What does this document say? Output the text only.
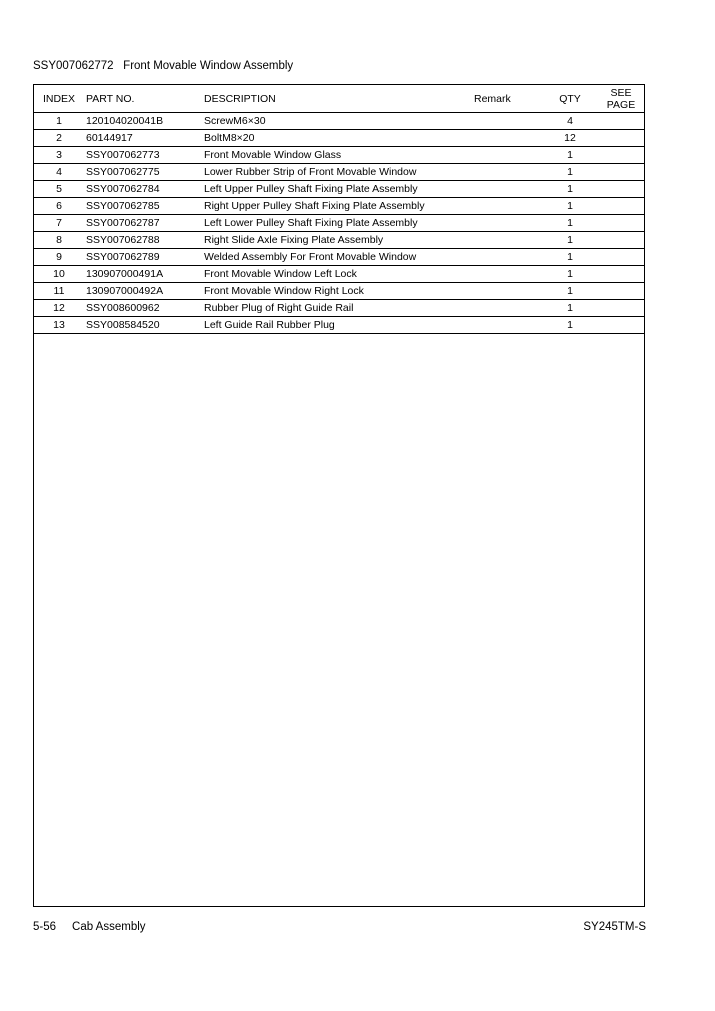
SSY007062772 Front Movable Window Assembly
INDEX	PART NO.	DESCRIPTION	Remark	QTY	SEE
PAGE
1	120104020041B	ScrewM6×30		4	
2	60144917	BoltM8×20		12	
3	SSY007062773	Front Movable Window Glass		1	
4	SSY007062775	Lower Rubber Strip of Front Movable Window		1	
5	SSY007062784	Left Upper Pulley Shaft Fixing Plate Assembly		1	
6	SSY007062785	Right Upper Pulley Shaft Fixing Plate Assembly		1	
7	SSY007062787	Left Lower Pulley Shaft Fixing Plate Assembly		1	
8	SSY007062788	Right Slide Axle Fixing Plate Assembly		1	
9	SSY007062789	Welded Assembly For Front Movable Window		1	
10	130907000491A	Front Movable Window Left Lock		1	
11	130907000492A	Front Movable Window Right Lock		1	
12	SSY008600962	Rubber Plug of Right Guide Rail		1	
13	SSY008584520	Left Guide Rail Rubber Plug		1	
5-56 Cab Assembly	SY245TM-S
